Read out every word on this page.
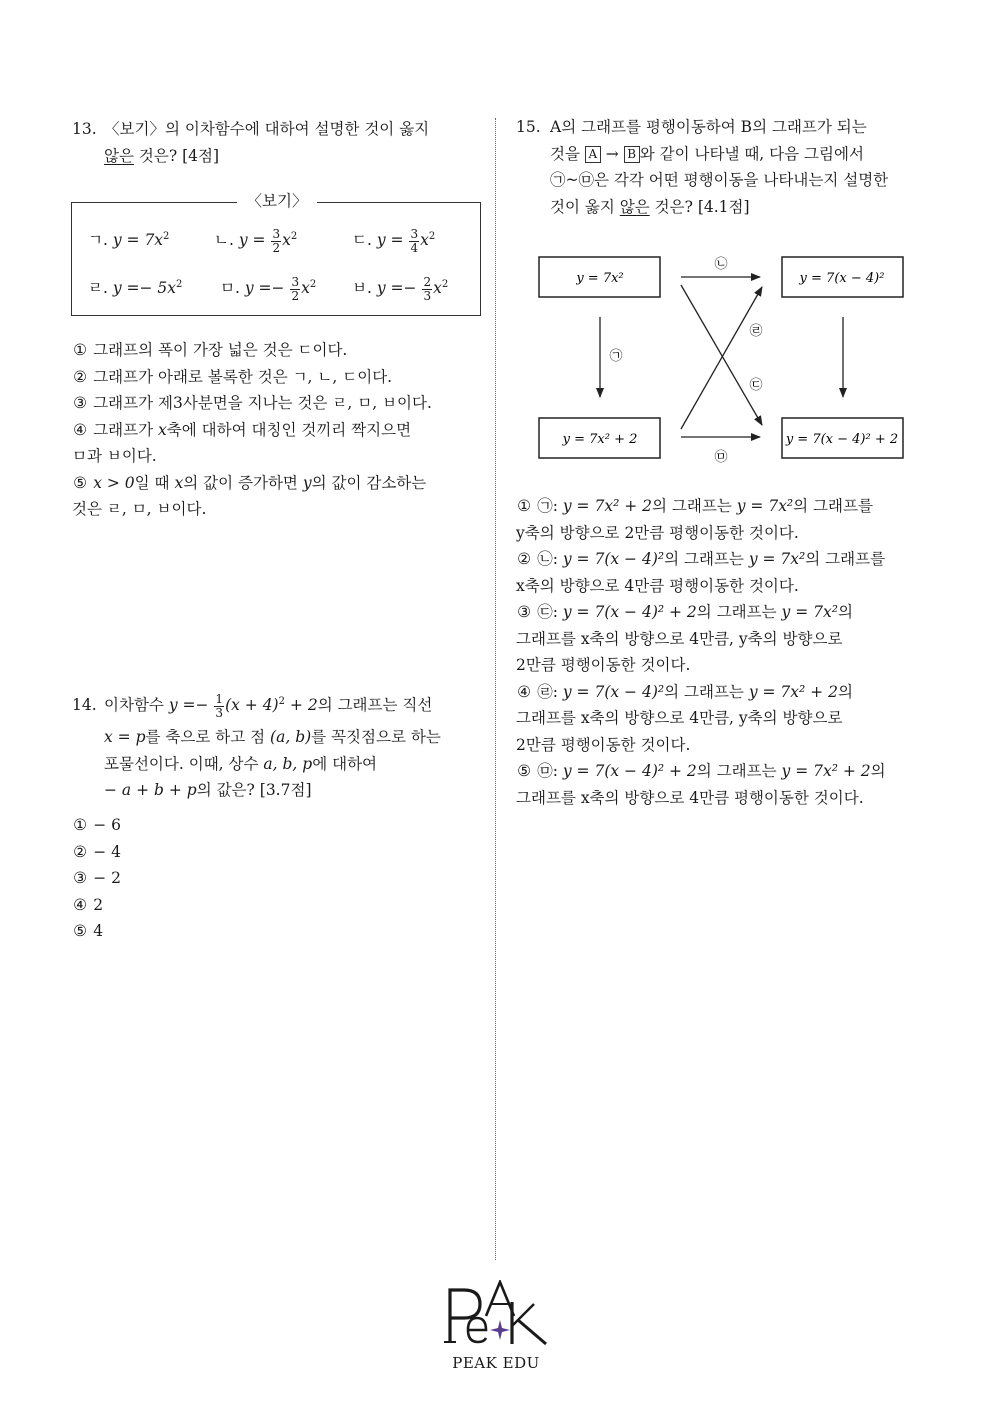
13. 〈보기〉의 이차함수에 대하여 설명한 것이 옳지
않은 것은? [4점]
ㄱ. $y = 7x^2$	ㄴ. $y = \frac{3}{2} x^2$	ㄷ. $y = \frac{3}{4} x^2$
ㄹ. $y =- 5x^2$ ㅁ. $y =- \frac{3}{2} x^2$ ㅂ. $y =- \frac{2}{3} x^2$
〈보기〉
① 그래프의 폭이 가장 넓은 것은 ㄷ이다.
② 그래프가 아래로 볼록한 것은 ㄱ, ㄴ, ㄷ이다.
③ 그래프가 제3사분면을 지나는 것은 ㄹ, ㅁ, ㅂ이다.
④ 그래프가 x축에 대하여 대칭인 것끼리 짝지으면
ㅁ과 ㅂ이다.
⑤ x > 0일 때 x의 값이 증가하면 y의 값이 감소하는
것은 ㄹ, ㅁ, ㅂ이다.
14. 이차함수 $y =- \frac{1}{3} (x + 4)^2 + 2$의 그래프는 직선
x = p를 축으로 하고 점 (a, b)를 꼭짓점으로 하는
포물선이다. 이때, 상수 a, b, p에 대하여
− a + b + p의 값은? [3.7점]
① − 6
② − 4
③ − 2
④ 2
⑤ 4
15. A의 그래프를 평행이동하여 B의 그래프가 되는
것을 A → B 와 같이 나타낼 때, 다음 그림에서
㉠~㉤은 각각 어떤 평행이동을 나타내는지 설명한
것이 옳지 않은 것은? [4.1점]
y = 7x²	y = 7(x − 4)²
y = 7x² + 2	y = 7(x − 4)² + 2
㉠
㉡
㉢
㉣
㉤
① ㉠: y = 7x² + 2의 그래프는 y = 7x²의 그래프를
y축의 방향으로 2만큼 평행이동한 것이다.
② ㉡: y = 7(x − 4)²의 그래프는 y = 7x²의 그래프를
x축의 방향으로 4만큼 평행이동한 것이다.
③ ㉢: y = 7(x − 4)² + 2의 그래프는 y = 7x²의
그래프를 x축의 방향으로 4만큼, y축의 방향으로
2만큼 평행이동한 것이다.
④ ㉣: y = 7(x − 4)²의 그래프는 y = 7x² + 2의
그래프를 x축의 방향으로 4만큼, y축의 방향으로
2만큼 평행이동한 것이다.
⑤ ㉤: y = 7(x − 4)² + 2의 그래프는 y = 7x² + 2의
그래프를 x축의 방향으로 4만큼 평행이동한 것이다.
PEAK EDU
